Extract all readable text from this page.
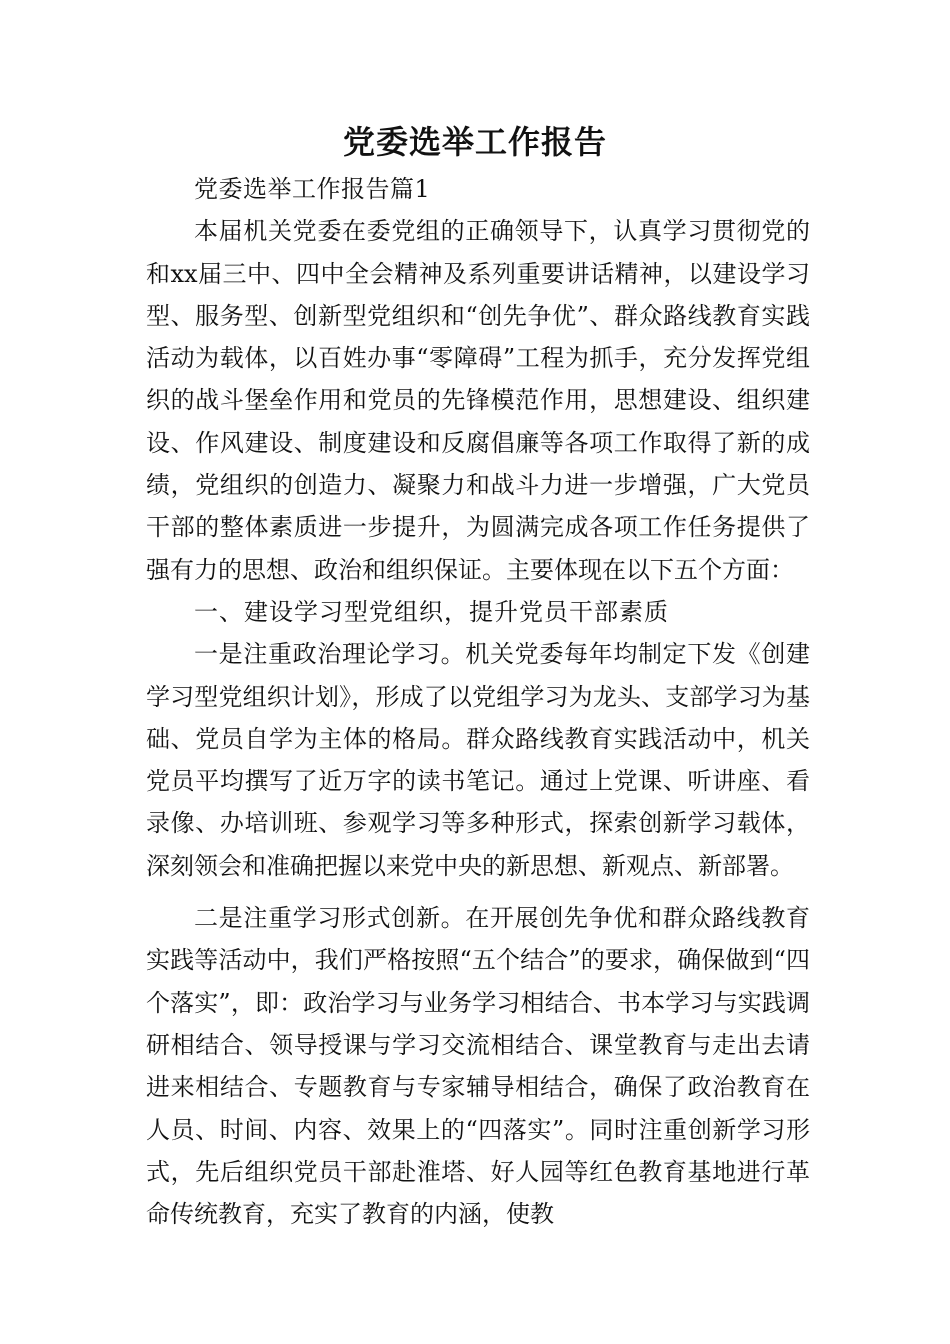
党委选举工作报告

党委选举工作报告篇1

本届机关党委在委党组的正确领导下，认真学习贯彻党的和xx届三中、四中全会精神及系列重要讲话精神，以建设学习型、服务型、创新型党组织和“创先争优”、群众路线教育实践活动为载体，以百姓办事“零障碍”工程为抓手，充分发挥党组织的战斗堡垒作用和党员的先锋模范作用，思想建设、组织建设、作风建设、制度建设和反腐倡廉等各项工作取得了新的成绩，党组织的创造力、凝聚力和战斗力进一步增强，广大党员干部的整体素质进一步提升，为圆满完成各项工作任务提供了强有力的思想、政治和组织保证。主要体现在以下五个方面：

一、建设学习型党组织，提升党员干部素质

一是注重政治理论学习。机关党委每年均制定下发《创建学习型党组织计划》，形成了以党组学习为龙头、支部学习为基础、党员自学为主体的格局。群众路线教育实践活动中，机关党员平均撰写了近万字的读书笔记。通过上党课、听讲座、看录像、办培训班、参观学习等多种形式，探索创新学习载体，深刻领会和准确把握以来党中央的新思想、新观点、新部署。

二是注重学习形式创新。在开展创先争优和群众路线教育实践等活动中，我们严格按照“五个结合”的要求，确保做到“四个落实”，即：政治学习与业务学习相结合、书本学习与实践调研相结合、领导授课与学习交流相结合、课堂教育与走出去请进来相结合、专题教育与专家辅导相结合，确保了政治教育在人员、时间、内容、效果上的“四落实”。同时注重创新学习形式，先后组织党员干部赴淮塔、好人园等红色教育基地进行革命传统教育，充实了教育的内涵，使教
